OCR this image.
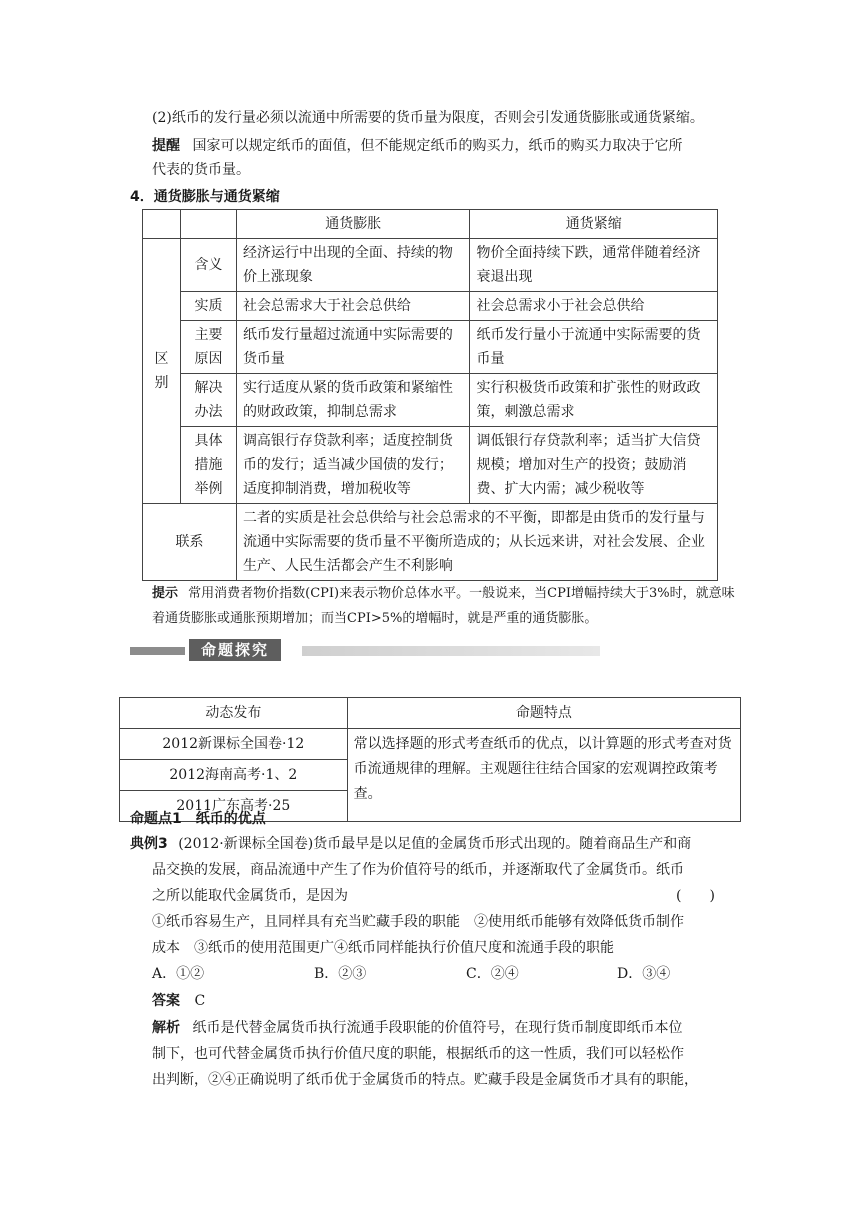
(2)纸币的发行量必须以流通中所需要的货币量为限度，否则会引发通货膨胀或通货紧缩。
提醒 国家可以规定纸币的面值，但不能规定纸币的购买力，纸币的购买力取决于它所
代表的货币量。
4．通货膨胀与通货紧缩
		通货膨胀	通货紧缩
区别	含义	经济运行中出现的全面、持续的物价上涨现象	物价全面持续下跌，通常伴随着经济衰退出现
	实质	社会总需求大于社会总供给	社会总需求小于社会总供给
	主要原因	纸币发行量超过流通中实际需要的货币量	纸币发行量小于流通中实际需要的货币量
	解决办法	实行适度从紧的货币政策和紧缩性的财政政策，抑制总需求	实行积极货币政策和扩张性的财政政策，刺激总需求
	具体措施举例	调高银行存贷款利率；适度控制货币的发行；适当减少国债的发行；适度抑制消费，增加税收等	调低银行存贷款利率；适当扩大信贷规模；增加对生产的投资；鼓励消费、扩大内需；减少税收等
联系		二者的实质是社会总供给与社会总需求的不平衡，即都是由货币的发行量与流通中实际需要的货币量不平衡所造成的；从长远来讲，对社会发展、企业生产、人民生活都会产生不利影响	
提示 常用消费者物价指数(CPI)来表示物价总体水平。一般说来，当CPI增幅持续大于3%时，就意味
着通货膨胀或通胀预期增加；而当CPI>5%的增幅时，就是严重的通货膨胀。
命题探究
动态发布	命题特点
2012新课标全国卷·12	常以选择题的形式考查纸币的优点，以计算题的形式考查对货币流通规律的理解。主观题往往结合国家的宏观调控政策考查。
2012海南高考·1、2	
2011广东高考·25	
命题点1　纸币的优点
典例3 (2012·新课标全国卷)货币最早是以足值的金属货币形式出现的。随着商品生产和商
品交换的发展，商品流通中产生了作为价值符号的纸币，并逐渐取代了金属货币。纸币
之所以能取代金属货币，是因为	(　　)
①纸币容易生产，且同样具有充当贮藏手段的职能　②使用纸币能够有效降低货币制作
成本　③纸币的使用范围更广④纸币同样能执行价值尺度和流通手段的职能
A．①②	B．②③	C．②④	D．③④
答案 C
解析 纸币是代替金属货币执行流通手段职能的价值符号，在现行货币制度即纸币本位
制下，也可代替金属货币执行价值尺度的职能，根据纸币的这一性质，我们可以轻松作
出判断，②④正确说明了纸币优于金属货币的特点。贮藏手段是金属货币才具有的职能，
